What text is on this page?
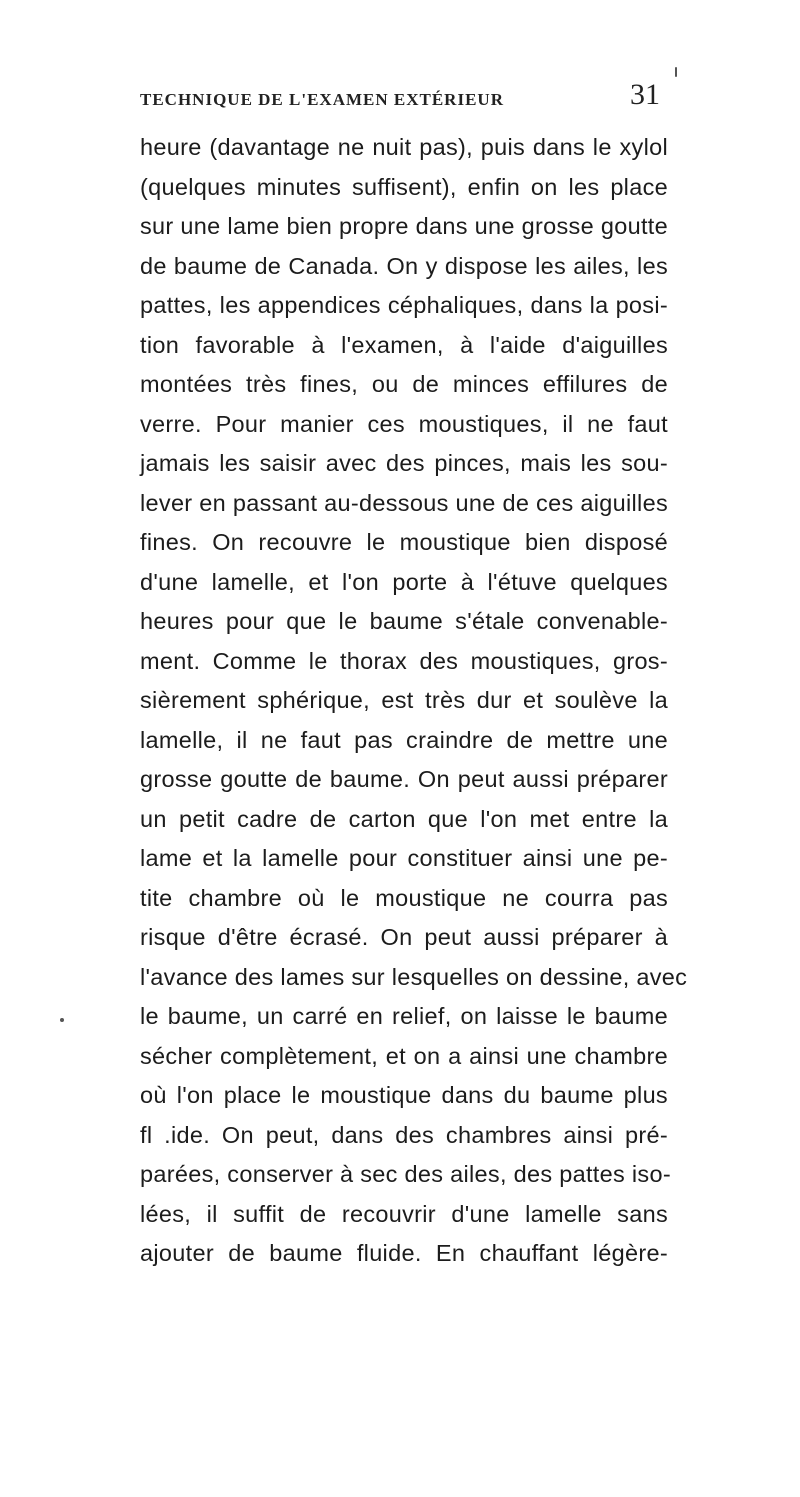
TECHNIQUE DE L'EXAMEN EXTÉRIEUR	31
heure (davantage ne nuit pas), puis dans le xylol
(quelques minutes suffisent), enfin on les place
sur une lame bien propre dans une grosse goutte
de baume de Canada. On y dispose les ailes, les
pattes, les appendices céphaliques, dans la posi-
tion favorable à l'examen, à l'aide d'aiguilles
montées très fines, ou de minces effilures de
verre. Pour manier ces moustiques, il ne faut
jamais les saisir avec des pinces, mais les sou-
lever en passant au-dessous une de ces aiguilles
fines. On recouvre le moustique bien disposé
d'une lamelle, et l'on porte à l'étuve quelques
heures pour que le baume s'étale convenable-
ment. Comme le thorax des moustiques, gros-
sièrement sphérique, est très dur et soulève la
lamelle, il ne faut pas craindre de mettre une
grosse goutte de baume. On peut aussi préparer
un petit cadre de carton que l'on met entre la
lame et la lamelle pour constituer ainsi une pe-
tite chambre où le moustique ne courra pas
risque d'être écrasé. On peut aussi préparer à
l'avance des lames sur lesquelles on dessine, avec
le baume, un carré en relief, on laisse le baume
sécher complètement, et on a ainsi une chambre
où l'on place le moustique dans du baume plus
fl .ide. On peut, dans des chambres ainsi pré-
parées, conserver à sec des ailes, des pattes iso-
lées, il suffit de recouvrir d'une lamelle sans
ajouter de baume fluide. En chauffant légère-
